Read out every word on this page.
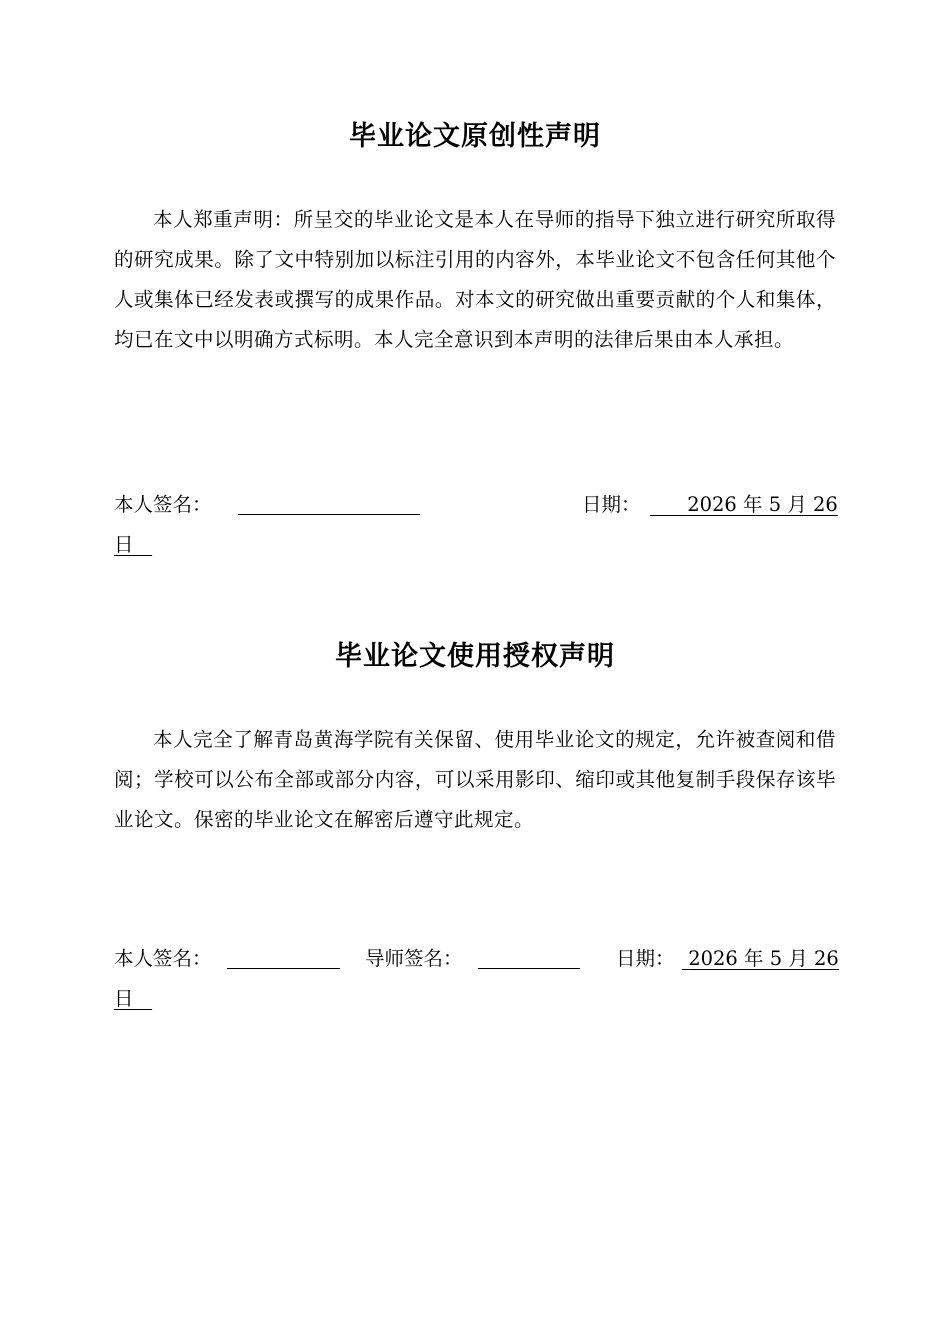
毕业论文原创性声明
本人郑重声明：所呈交的毕业论文是本人在导师的指导下独立进行研究所取得的研究成果。除了文中特别加以标注引用的内容外，本毕业论文不包含任何其他个人或集体已经发表或撰写的成果作品。对本文的研究做出重要贡献的个人和集体，均已在文中以明确方式标明。本人完全意识到本声明的法律后果由本人承担。
本人签名：	日期：	2026 年 5 月 26
日
毕业论文使用授权声明
本人完全了解青岛黄海学院有关保留、使用毕业论文的规定，允许被查阅和借阅；学校可以公布全部或部分内容，可以采用影印、缩印或其他复制手段保存该毕业论文。保密的毕业论文在解密后遵守此规定。
本人签名：	导师签名：	日期： 2026 年 5 月 26
日
